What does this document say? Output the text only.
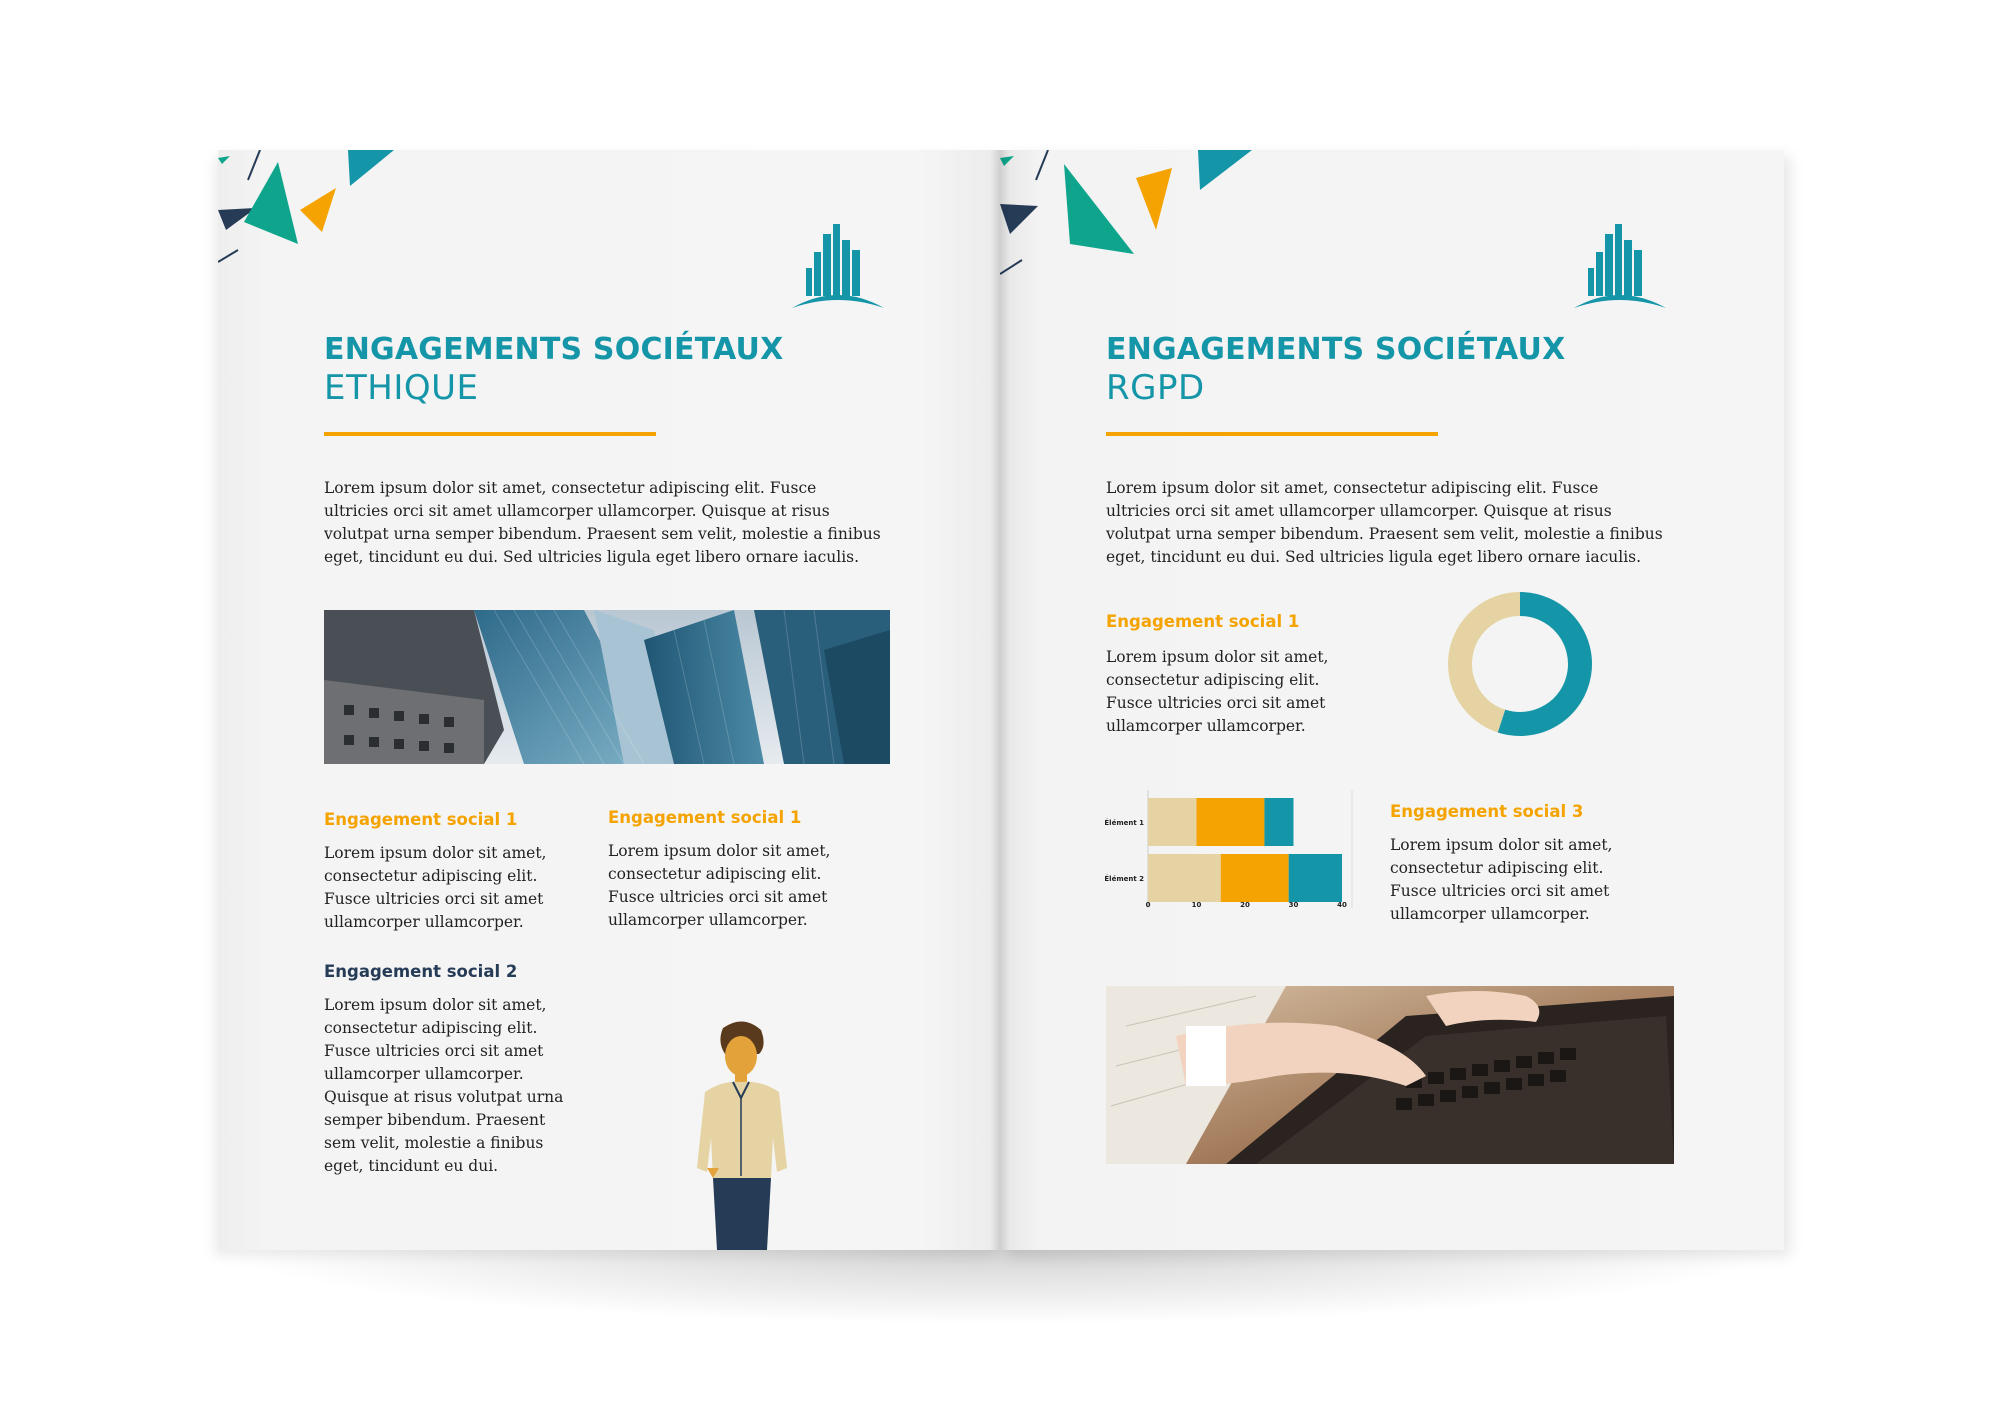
ENGAGEMENTS SOCIÉTAUX
ETHIQUE
Lorem ipsum dolor sit amet, consectetur adipiscing elit. Fusce ultricies orci sit amet ullamcorper ullamcorper. Quisque at risus volutpat urna semper bibendum. Praesent sem velit, molestie a finibus eget, tincidunt eu dui. Sed ultricies ligula eget libero ornare iaculis.
Engagement social 1
Lorem ipsum dolor sit amet, consectetur adipiscing elit. Fusce ultricies orci sit amet ullamcorper ullamcorper.
Engagement social 1
Lorem ipsum dolor sit amet, consectetur adipiscing elit. Fusce ultricies orci sit amet ullamcorper ullamcorper.
Engagement social 2
Lorem ipsum dolor sit amet, consectetur adipiscing elit. Fusce ultricies orci sit amet ullamcorper ullamcorper. Quisque at risus volutpat urna semper bibendum. Praesent sem velit, molestie a finibus eget, tincidunt eu dui.
ENGAGEMENTS SOCIÉTAUX
RGPD
Lorem ipsum dolor sit amet, consectetur adipiscing elit. Fusce ultricies orci sit amet ullamcorper ullamcorper. Quisque at risus volutpat urna semper bibendum. Praesent sem velit, molestie a finibus eget, tincidunt eu dui. Sed ultricies ligula eget libero ornare iaculis.
Engagement social 1
Lorem ipsum dolor sit amet, consectetur adipiscing elit. Fusce ultricies orci sit amet ullamcorper ullamcorper.
Élément 1
Élément 2
0	10	20	30	40
Engagement social 3
Lorem ipsum dolor sit amet, consectetur adipiscing elit. Fusce ultricies orci sit amet ullamcorper ullamcorper.
